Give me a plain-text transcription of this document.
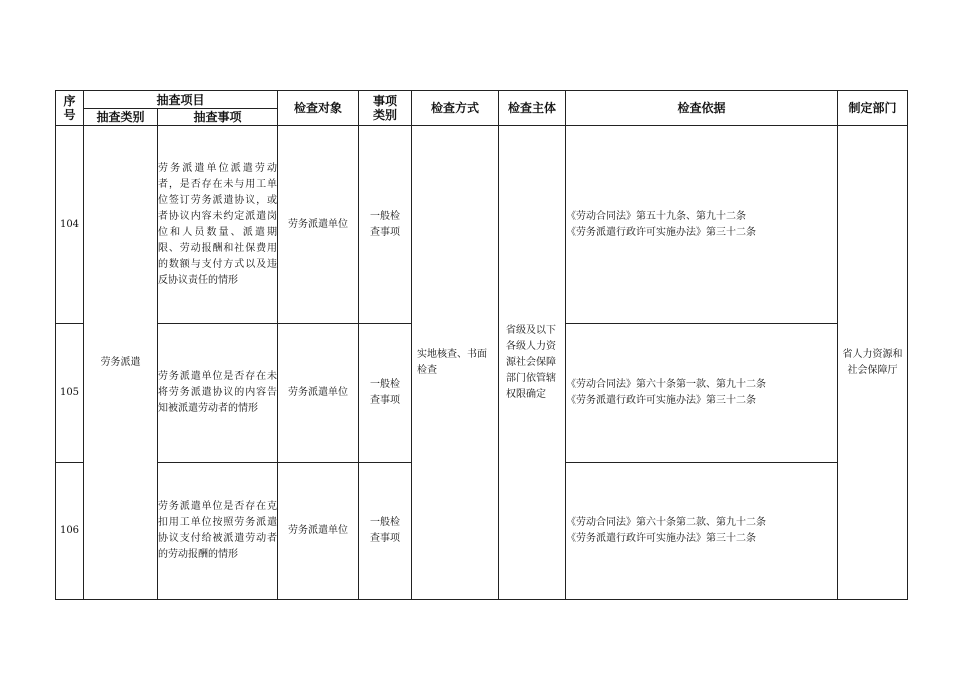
序号	抽查项目		检查对象	事项类别	检查方式	检查主体	检查依据	制定部门
	抽查类别	抽查事项						
104	劳务派遣	劳务派遣单位派遣劳动者，是否存在未与用工单位签订劳务派遣协议，或者协议内容未约定派遣岗位和人员数量、派遣期限、劳动报酬和社保费用的数额与支付方式以及违反协议责任的情形	劳务派遣单位	一般检查事项	实地核查、书面检查	省级及以下各级人力资源社会保障部门依管辖权限确定	《劳动合同法》第五十九条、第九十二条
《劳务派遣行政许可实施办法》第三十二条	省人力资源和社会保障厅
105		劳务派遣单位是否存在未将劳务派遣协议的内容告知被派遣劳动者的情形	劳务派遣单位	一般检查事项			《劳动合同法》第六十条第一款、第九十二条
《劳务派遣行政许可实施办法》第三十二条	

106		劳务派遣单位是否存在克扣用工单位按照劳务派遣协议支付给被派遣劳动者的劳动报酬的情形	劳务派遣单位	一般检查事项			《劳动合同法》第六十条第二款、第九十二条
《劳务派遣行政许可实施办法》第三十二条	
